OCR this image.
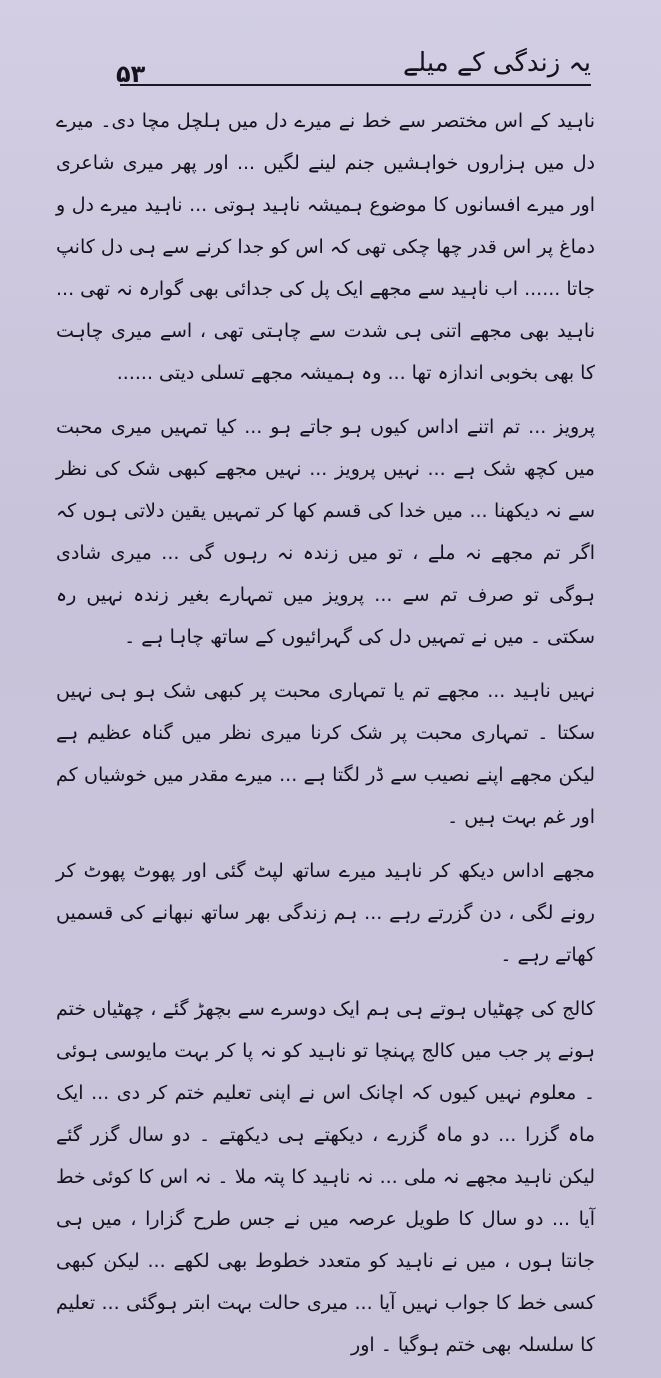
۵۳	یہ زندگی کے میلے

ناہید کے اس مختصر سے خط نے میرے دل میں ہلچل مچا دی۔ میرے دل میں ہزاروں خواہشیں جنم لینے لگیں ... اور پھر میری شاعری اور میرے افسانوں کا موضوع ہمیشہ ناہید ہوتی ... ناہید میرے دل و دماغ پر اس قدر چھا چکی تھی کہ اس کو جدا کرنے سے ہی دل کانپ جاتا ...... اب ناہید سے مجھے ایک پل کی جدائی بھی گوارہ نہ تھی ... ناہید بھی مجھے اتنی ہی شدت سے چاہتی تھی ، اسے میری چاہت کا بھی بخوبی اندازہ تھا ... وہ ہمیشہ مجھے تسلی دیتی ......

پرویز ... تم اتنے اداس کیوں ہو جاتے ہو ... کیا تمہیں میری محبت میں کچھ شک ہے ... نہیں پرویز ... نہیں مجھے کبھی شک کی نظر سے نہ دیکھنا ... میں خدا کی قسم کھا کر تمہیں یقین دلاتی ہوں کہ اگر تم مجھے نہ ملے ، تو میں زندہ نہ رہوں گی ... میری شادی ہوگی تو صرف تم سے ... پرویز میں تمہارے بغیر زندہ نہیں رہ سکتی ۔ میں نے تمہیں دل کی گہرائیوں کے ساتھ چاہا ہے ۔

نہیں ناہید ... مجھے تم یا تمہاری محبت پر کبھی شک ہو ہی نہیں سکتا ۔ تمہاری محبت پر شک کرنا میری نظر میں گناہ عظیم ہے لیکن مجھے اپنے نصیب سے ڈر لگتا ہے ... میرے مقدر میں خوشیاں کم اور غم بہت ہیں ۔

مجھے اداس دیکھ کر ناہید میرے ساتھ لپٹ گئی اور پھوٹ پھوٹ کر رونے لگی ، دن گزرتے رہے ... ہم زندگی بھر ساتھ نبھانے کی قسمیں کھاتے رہے ۔

کالج کی چھٹیاں ہوتے ہی ہم ایک دوسرے سے بچھڑ گئے ، چھٹیاں ختم ہونے پر جب میں کالج پہنچا تو ناہید کو نہ پا کر بہت مایوسی ہوئی ۔ معلوم نہیں کیوں کہ اچانک اس نے اپنی تعلیم ختم کر دی ... ایک ماہ گزرا ... دو ماہ گزرے ، دیکھتے ہی دیکھتے ۔ دو سال گزر گئے لیکن ناہید مجھے نہ ملی ... نہ ناہید کا پتہ ملا ۔ نہ اس کا کوئی خط آیا ... دو سال کا طویل عرصہ میں نے جس طرح گزارا ، میں ہی جانتا ہوں ، میں نے ناہید کو متعدد خطوط بھی لکھے ... لیکن کبھی کسی خط کا جواب نہیں آیا ... میری حالت بہت ابتر ہوگئی ... تعلیم کا سلسلہ بھی ختم ہوگیا ۔ اور
